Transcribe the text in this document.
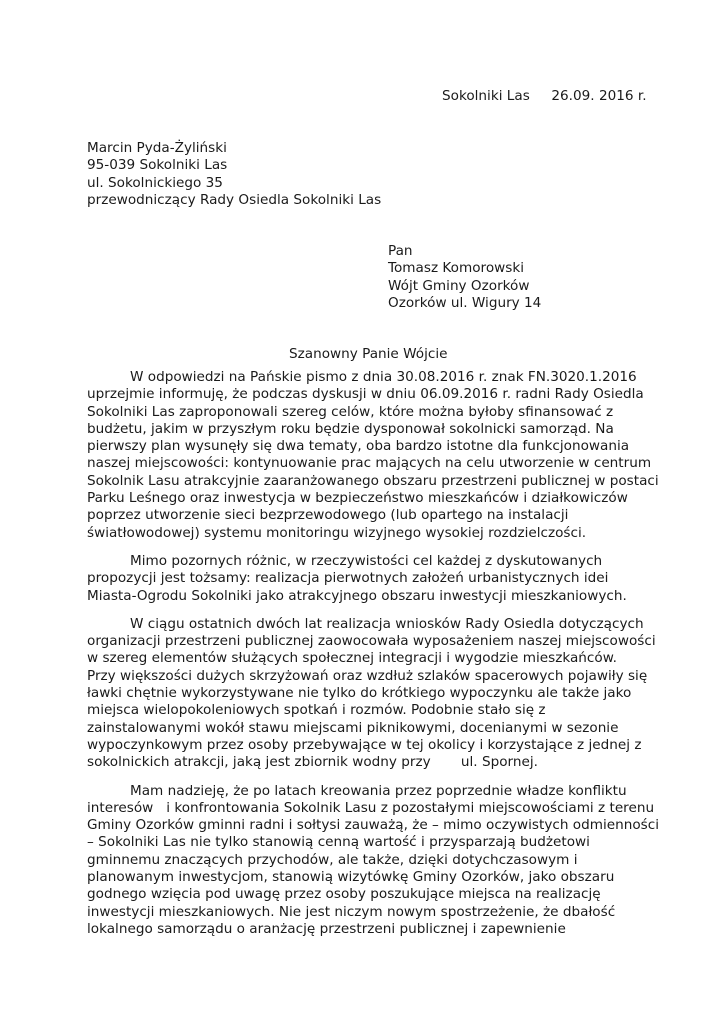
Sokolniki Las     26.09. 2016 r.
Marcin Pyda-Żyliński
95-039 Sokolniki Las
ul. Sokolnickiego 35
przewodniczący Rady Osiedla Sokolniki Las
Pan
Tomasz Komorowski
Wójt Gminy Ozorków
Ozorków ul. Wigury 14
Szanowny Panie Wójcie
W odpowiedzi na Pańskie pismo z dnia 30.08.2016 r. znak FN.3020.1.2016
uprzejmie informuję, że podczas dyskusji w dniu 06.09.2016 r. radni Rady Osiedla
Sokolniki Las zaproponowali szereg celów, które można byłoby sfinansować z
budżetu, jakim w przyszłym roku będzie dysponował sokolnicki samorząd. Na
pierwszy plan wysunęły się dwa tematy, oba bardzo istotne dla funkcjonowania
naszej miejscowości: kontynuowanie prac mających na celu utworzenie w centrum
Sokolnik Lasu atrakcyjnie zaaranżowanego obszaru przestrzeni publicznej w postaci
Parku Leśnego oraz inwestycja w bezpieczeństwo mieszkańców i działkowiczów
poprzez utworzenie sieci bezprzewodowego (lub opartego na instalacji
światłowodowej) systemu monitoringu wizyjnego wysokiej rozdzielczości.
Mimo pozornych różnic, w rzeczywistości cel każdej z dyskutowanych
propozycji jest tożsamy: realizacja pierwotnych założeń urbanistycznych idei
Miasta-Ogrodu Sokolniki jako atrakcyjnego obszaru inwestycji mieszkaniowych.
W ciągu ostatnich dwóch lat realizacja wniosków Rady Osiedla dotyczących
organizacji przestrzeni publicznej zaowocowała wyposażeniem naszej miejscowości
w szereg elementów służących społecznej integracji i wygodzie mieszkańców.
Przy większości dużych skrzyżowań oraz wzdłuż szlaków spacerowych pojawiły się
ławki chętnie wykorzystywane nie tylko do krótkiego wypoczynku ale także jako
miejsca wielopokoleniowych spotkań i rozmów. Podobnie stało się z
zainstalowanymi wokół stawu miejscami piknikowymi, docenianymi w sezonie
wypoczynkowym przez osoby przebywające w tej okolicy i korzystające z jednej z
sokolnickich atrakcji, jaką jest zbiornik wodny przy       ul. Spornej.
Mam nadzieję, że po latach kreowania przez poprzednie władze konfliktu
interesów   i konfrontowania Sokolnik Lasu z pozostałymi miejscowościami z terenu
Gminy Ozorków gminni radni i sołtysi zauważą, że – mimo oczywistych odmienności
– Sokolniki Las nie tylko stanowią cenną wartość i przysparzają budżetowi
gminnemu znaczących przychodów, ale także, dzięki dotychczasowym i
planowanym inwestycjom, stanowią wizytówkę Gminy Ozorków, jako obszaru
godnego wzięcia pod uwagę przez osoby poszukujące miejsca na realizację
inwestycji mieszkaniowych. Nie jest niczym nowym spostrzeżenie, że dbałość
lokalnego samorządu o aranżację przestrzeni publicznej i zapewnienie
